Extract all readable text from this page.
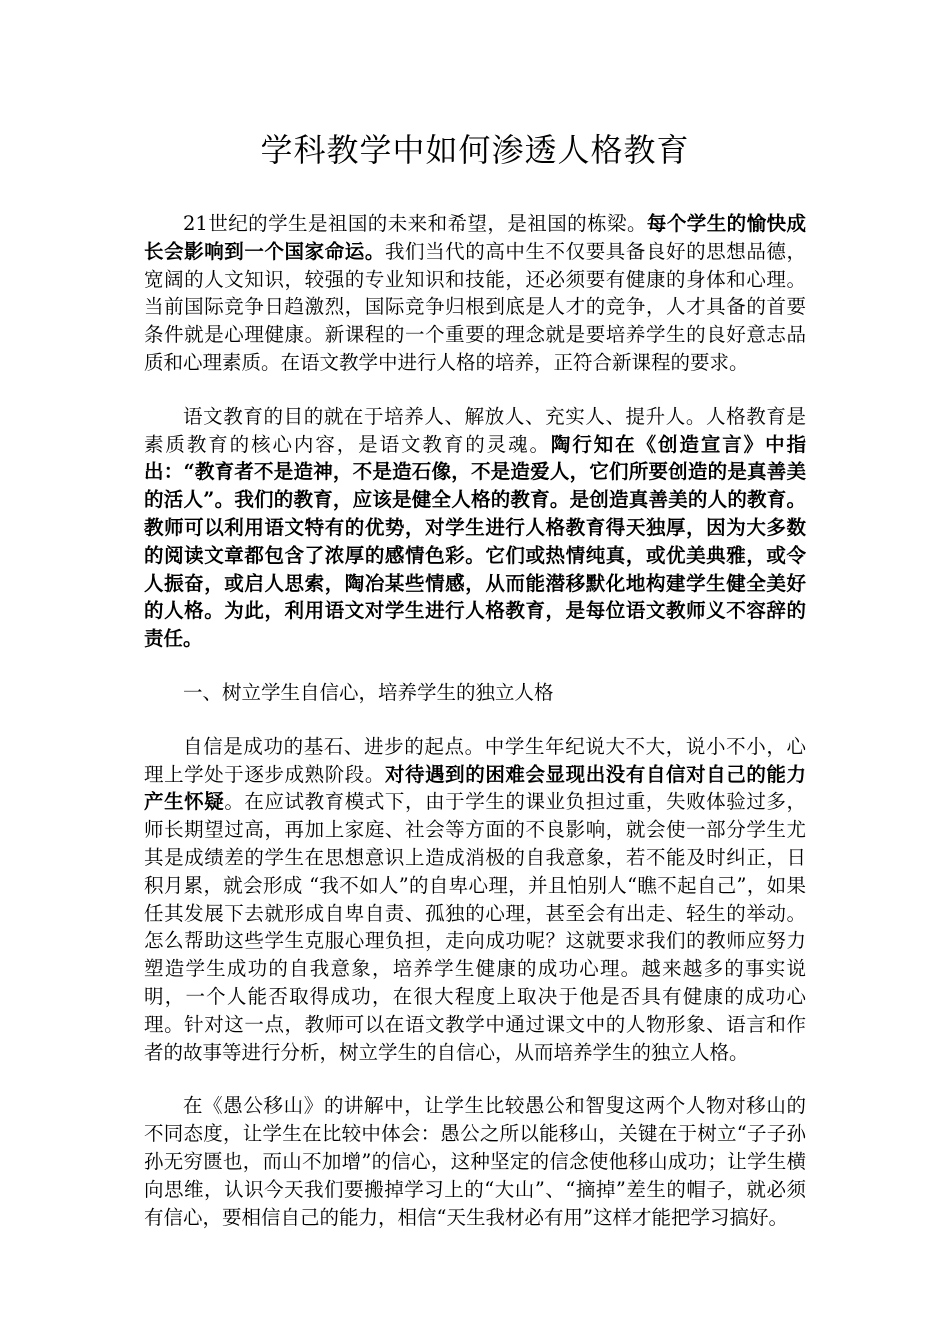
学科教学中如何渗透人格教育

21世纪的学生是祖国的未来和希望，是祖国的栋梁。每个学生的愉快成长会影响到一个国家命运。我们当代的高中生不仅要具备良好的思想品德，宽阔的人文知识，较强的专业知识和技能，还必须要有健康的身体和心理。当前国际竞争日趋激烈，国际竞争归根到底是人才的竞争，人才具备的首要条件就是心理健康。新课程的一个重要的理念就是要培养学生的良好意志品质和心理素质。在语文教学中进行人格的培养，正符合新课程的要求。

语文教育的目的就在于培养人、解放人、充实人、提升人。人格教育是素质教育的核心内容，是语文教育的灵魂。陶行知在《创造宣言》中指出：“教育者不是造神，不是造石像，不是造爱人，它们所要创造的是真善美的活人”。我们的教育，应该是健全人格的教育。是创造真善美的人的教育。教师可以利用语文特有的优势，对学生进行人格教育得天独厚，因为大多数的阅读文章都包含了浓厚的感情色彩。它们或热情纯真，或优美典雅，或令人振奋，或启人思索，陶冶某些情感，从而能潜移默化地构建学生健全美好的人格。为此，利用语文对学生进行人格教育，是每位语文教师义不容辞的责任。

一、树立学生自信心，培养学生的独立人格

自信是成功的基石、进步的起点。中学生年纪说大不大，说小不小，心理上学处于逐步成熟阶段。对待遇到的困难会显现出没有自信对自己的能力产生怀疑。在应试教育模式下，由于学生的课业负担过重，失败体验过多，师长期望过高，再加上家庭、社会等方面的不良影响，就会使一部分学生尤其是成绩差的学生在思想意识上造成消极的自我意象，若不能及时纠正，日积月累，就会形成 “我不如人”的自卑心理，并且怕别人“瞧不起自己”，如果任其发展下去就形成自卑自责、孤独的心理，甚至会有出走、轻生的举动。怎么帮助这些学生克服心理负担，走向成功呢？这就要求我们的教师应努力塑造学生成功的自我意象，培养学生健康的成功心理。越来越多的事实说明，一个人能否取得成功，在很大程度上取决于他是否具有健康的成功心理。针对这一点，教师可以在语文教学中通过课文中的人物形象、语言和作者的故事等进行分析，树立学生的自信心，从而培养学生的独立人格。

在《愚公移山》的讲解中，让学生比较愚公和智叟这两个人物对移山的不同态度，让学生在比较中体会：愚公之所以能移山，关键在于树立“子子孙孙无穷匮也，而山不加增”的信心，这种坚定的信念使他移山成功；让学生横向思维，认识今天我们要搬掉学习上的“大山”、“摘掉”差生的帽子，就必须有信心，要相信自己的能力，相信“天生我材必有用”这样才能把学习搞好。
